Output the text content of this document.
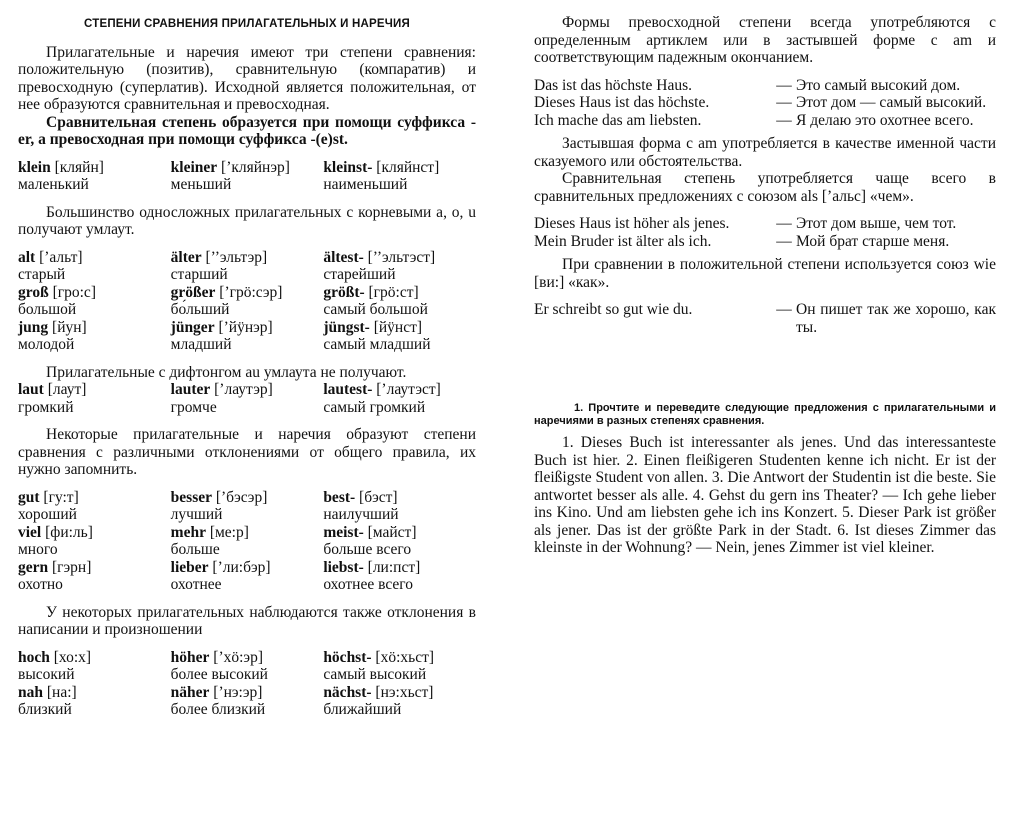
СТЕПЕНИ СРАВНЕНИЯ ПРИЛАГАТЕЛЬНЫХ И НАРЕЧИЯ

Прилагательные и наречия имеют три степени сравнения: положительную (позитив), сравнительную (компаратив) и превосходную (суперлатив). Исходной является положительная, от нее образуются сравнительная и превосходная.

Сравнительная степень образуется при помощи суффикса -er, а превосходная при помощи суффикса -(e)st.

klein [кляйн]	kleiner [’кляйнэр]	kleinst- [кляйнст]
маленький	меньший	наименьший

Большинство односложных прилагательных с корневыми a, o, u получают умлаут.

alt [’альт]	älter [’’эльтэр]	ältest- [’’эльтэст]
старый	старший	старейший
groß [гро:с]	größer [’грӧ:сэр]	größt- [грӧ:ст]
большой	бо́льший	самый большой
jung [йун]	jünger [’йӱнэр]	jüngst- [йӱнст]
молодой	младший	самый младший

Прилагательные с дифтонгом au умлаута не получают.

laut [лаут]	lauter [’лаутэр]	lautest- [’лаутэст]
громкий	громче	самый громкий

Некоторые прилагательные и наречия образуют степени сравнения с различными отклонениями от общего правила, их нужно запомнить.

gut [гу:т]	besser [’бэсэр]	best- [бэст]
хороший	лучший	наилучший
viel [фи:ль]	mehr [ме:р]	meist- [майст]
много	больше	больше всего
gern [гэрн]	lieber [’ли:бэр]	liebst- [ли:пст]
охотно	охотнее	охотнее всего

У некоторых прилагательных наблюдаются также отклонения в написании и произношении

hoch [хо:х]	höher [’хӧ:эр]	höchst- [хӧ:хьст]
высокий	более высокий	самый высокий
nah [на:]	näher [’нэ:эр]	nächst- [нэ:хьст]
близкий	более близкий	ближайший

Формы превосходной степени всегда употребляются с определенным артиклем или в застывшей форме с am и соответствующим падежным окончанием.

Das ist das höchste Haus.	—	Это самый высокий дом.
Dieses Haus ist das höchste.	—	Этот дом — самый высокий.
Ich mache das am liebsten.	—	Я делаю это охотнее всего.

Застывшая форма с am употребляется в качестве именной части сказуемого или обстоятельства.

Сравнительная степень употребляется чаще всего в сравнительных предложениях с союзом als [’альс] «чем».

Dieses Haus ist höher als jenes.	—	Этот дом выше, чем тот.
Mein Bruder ist älter als ich.	—	Мой брат старше меня.

При сравнении в положительной степени используется союз wie [ви:] «как».

Er schreibt so gut wie du.	—	Он пишет так же хорошо, как ты.
1. Прочтите и переведите следующие предложения с прилагательными и наречиями в разных степенях сравнения.

1. Dieses Buch ist interessanter als jenes. Und das interessanteste Buch ist hier. 2. Einen fleißigeren Studenten kenne ich nicht. Er ist der fleißigste Student von allen. 3. Die Antwort der Studentin ist die beste. Sie antwortet besser als alle. 4. Gehst du gern ins Theater? — Ich gehe lieber ins Kino. Und am liebsten gehe ich ins Konzert. 5. Dieser Park ist größer als jener. Das ist der größte Park in der Stadt. 6. Ist dieses Zimmer das kleinste in der Wohnung? — Nein, jenes Zimmer ist viel kleiner.
